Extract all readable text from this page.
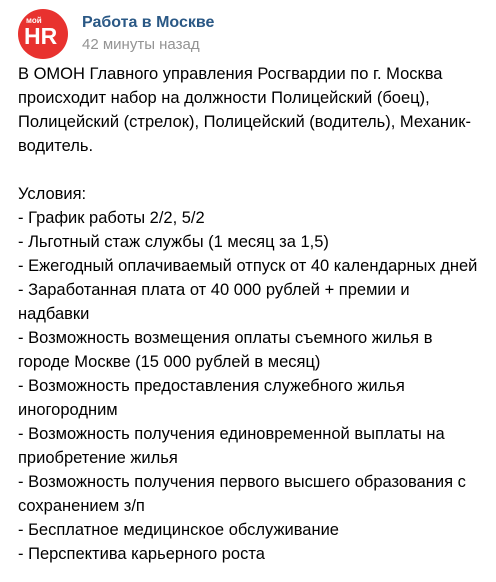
мой
HR
Работа в Москве
42 минуты назад

В ОМОН Главного управления Росгвардии по г. Москва происходит набор на должности Полицейский (боец), Полицейский (стрелок), Полицейский (водитель), Механик-водитель.

Условия:

- График работы 2/2, 5/2
- Льготный стаж службы (1 месяц за 1,5)
- Ежегодный оплачиваемый отпуск от 40 календарных дней
- Заработанная плата от 40 000 рублей + премии и надбавки
- Возможность возмещения оплаты съемного жилья в городе Москве (15 000 рублей в месяц)
- Возможность предоставления служебного жилья иногородним
- Возможность получения единовременной выплаты на приобретение жилья
- Возможность получения первого высшего образования с сохранением з/п
- Бесплатное медицинское обслуживание
- Перспектива карьерного роста
